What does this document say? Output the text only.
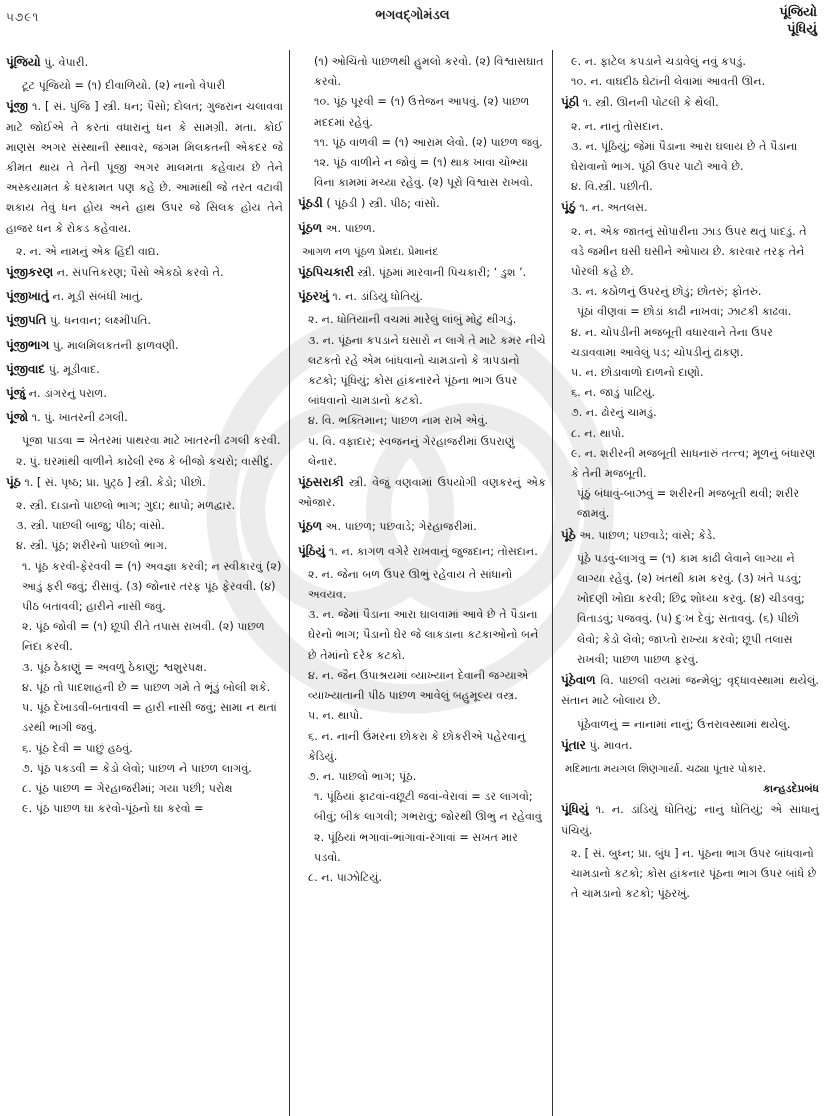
૫૭૯૧	ભગવદ્ગોમંડલ	પૂંજિયો
પૂંધિયું
પૂંજિયો પું. વેપારી.
ટૂટ પૂંજિયો = (૧) દીવાળિયો. (૨) નાનો વેપારી
પૂંજી ૧. [ સં. પુંજિ ] સ્ત્રી. ધન; પૈસો; દોલત; ગુજરાન ચલાવવા માટે જોઈએ તે કરતાં વધારાનું ધન કે સામગ્રી. મતા. કોઈ માણસ અગર સંસ્થાની સ્થાવર, જંગમ મિલકતની એકંદર જે કીમત થાય તે તેની પૂંજી અગર માલમતા કહેવાય છે તેને અસ્કયામત કે ધરકામત પણ કહે છે. આમાંથી જે તરત વટાવી શકાય તેવું ધન હોય અને હાથ ઉપર જે સિલક હોય તેને હાજર ધન કે રોકડ કહેવાય.
૨. ન. એ નામનું એક હિંદી વાદ્ય.
પૂંજીકરણ ન. સંપત્તિકરણ; પૈસો એકઠો કરવો તે.
પૂંજીખાતું ન. મૂડી સંબંધી ખાતું.
પૂંજીપતિ પું. ધનવાન; લક્ષ્મીપતિ.
પૂંજીભાગ પું. માલમિલકતની ફાળવણી.
પૂંજીવાદ પું. મૂડીવાદ.
પૂંજું ન. ડાંગરનું પરાળ.
પૂંજો ૧. પું. ખાતરની ઢગલી.
પૂંજા પાડવા = ખેતરમાં પાથરવા માટે ખાતરની ઢગલી કરવી.
૨. પું. ઘરમાંથી વાળીને કાઢેલી રજ કે બીજો કચરો; વાસીદું.
પૂંઠ ૧. [ સં. પૃષ્ઠ; પ્રા. પુટ્ઠ ] સ્ત્રી. કેડો; પીછો.
૨. સ્ત્રી. દાડાનો પાછલો ભાગ; ગુદા; થાપો; મળદ્વાર.
૩. સ્ત્રી. પાછલી બાજુ; પીઠ; વાંસો.
૪. સ્ત્રી. પૂંઠ; શરીરનો પાછલો ભાગ.
૧. પૂંઠ કરવી-ફેરવવી = (૧) અવજ્ઞા કરવી; ન સ્વીકારવું (૨) આડું ફરી જવું; રીસાવું. (૩) જોનાર તરફ પૂંઠ ફેરવવી. (૪) પીઠ બતાવવી; હારીને નાસી જવું.
૨. પૂંઠ જોવી = (૧) છૂપી રીતે તપાસ રાખવી. (૨) પાછળ નિંદા કરવી.
૩. પૂંઠ ઠેકાણું = અવળું ઠેકાણું; શ્વશુરપક્ષ.
૪. પૂંઠ તો પાદશાહની છે = પાછળ ગમે તે ભૂંડું બોલી શકે.
૫. પૂંઠ દેખાડવી-બતાવવી = હારી નાસી જવું; સામા ન થતાં ડરથી ભાગી જવું.
૬. પૂંઠ દેવી = પાછું હઠવું.
૭. પૂંઠ પકડવી = કેડો લેવો; પાછળ ને પાછળ લાગવું.
૮. પૂંઠ પાછળ = ગેરહાજરીમાં; ગયા પછી; પરોક્ષ
૯. પૂંઠ પાછળ ઘા કરવો-પૂંઠનો ઘા કરવો =
(૧) ઓચિંતો પાછળથી હુમલો કરવો. (૨) વિશ્વાસઘાત કરવો.
૧૦. પૂંઠ પૂરવી = (૧) ઉત્તેજન આપવું. (૨) પાછળ મદદમાં રહેવું.
૧૧. પૂંઠ વાળવી = (૧) આરામ લેવો. (૨) પાછળ જવું.
૧૨. પૂંઠ વાળીને ન જોવું = (૧) થાક ખાવા ચોભ્યા વિના કામમાં મચ્યા રહેવું. (૨) પૂરો વિશ્વાસ રાખવો.
પૂંઠડી ( પૂંઠડી ) સ્ત્રી. પીઠ; વાંસો.
પૂંઠળ અ. પાછળ.
આગળ નળ પૂંઠળ પ્રેમદા. પ્રેમાનંદ
પૂંઠપિચકારી સ્ત્રી. પૂંઠમાં મારવાની પિચકારી; ‘ ડુશ ’.
પૂંઠરખું ૧. ન. ડાંડિયું ધોતિયું.
૨. ન. ધોતિયાની વચમાં મારેલું લાંબું મોટું થીગડું.
૩. ન. પૂંઠના કપડાને ઘસારો ન લાગે તે માટે કમર નીચે લટકતો રહે એમ બાંધવાનો ચામડાનો કે ત્રાપડાનો કટકો; પૂંધિયું; કોસ હાંકનારને પૂંઠના ભાગ ઉપર બાંધવાનો ચામડાનો કટકો.
૪. વિ. ભક્તિમાન; પાછળ નામ રાખે એવું.
૫. વિ. વફાદાર; સ્વજનનું ગેરહાજરીમાં ઉપરાણું લેનાર.
પૂંઠસરાકી સ્ત્રી. વેજું વણવામાં ઉપયોગી વણકરનું એક ઓજાર.
પૂંઠળ અ. પાછળ; પછવાડે; ગેરહાજરીમાં.
પૂંઠિયું ૧. ન. કાગળ વગેરે રાખવાનું જુજદાન; તોસદાન.
૨. ન. જેના બળ ઉપર ઊભું રહેવાય તે સાંધાનો અવયવ.
૩. ન. જેમાં પૈડાના આરા ઘાલવામાં આવે છે તે પૈડાના ઘેરનો ભાગ; પૈડાનો ઘેર જે લાકડાના કટકાઓનો બને છે તેમાંનો દરેક કટકો.
૪. ન. જૈન ઉપાશ્રયમાં વ્યાખ્યાન દેવાની જગ્યાએ વ્યાખ્યાતાની પીઠ પાછળ આવેલું બહુમૂલ્ય વસ્ત્ર.
૫. ન. થાપો.
૬. ન. નાની ઉંમરના છોકરા કે છોકરીએ પહેરવાનું કેડિયું.
૭. ન. પાછલો ભાગ; પૂંઠ.
૧. પૂંઠિયાં ફાટવાં-વછૂટી જવાં-વેરાવાં = ડર લાગવો; બીવું; બીક લાગવી; ગભરાવું; જોરથી ઊભું ન રહેવાવું
૨. પૂંઠિયાં ભગાવાં-ભાંગાવાં-રંગાવાં = સખત માર પડવો.
૮. ન. પાઝોટિયું.
૯. ન. ફાટેલ કપડાને ચડાવેલું નવું કપડું.
૧૦. ન. વાઘદીઠ ઘેટાંની લેવામાં આવતી ઊન.
પૂંઠી ૧. સ્ત્રી. ઊનની પોટલી કે થેલી.
૨. ન. નાનું તોસદાન.
૩. ન. પૂંઠિયું; જેમાં પૈડાના આરા ઘલાય છે તે પૈડાના ઘેરાવાનો ભાગ. પૂંઠી ઉપર પાટો આવે છે.
૪. વિ.સ્ત્રી. પછીતી.
પૂંઠું ૧. ન. અતલસ.
૨. ન. એક જાતનું સોપારીના ઝાડ ઉપર થતું પાંદડું. તે વડે જમીન ઘસી ઘસીને ઓપાય છે. કારવાર તરફ તેને પોરલી કહે છે.
૩. ન. કઠોળનું ઉપરનું છોડું; છોતરું; ફોતરું.
પૂંઠાં વીણવાં = છોડાં કાઢી નાખવાં; ઝાટકી કાઢવાં.
૪. ન. ચોપડીની મજબૂતી વધારવાને તેના ઉપર ચડાવવામા આવેલું પડ; ચોપડીનું ઢાંકણ.
૫. ન. છોડાવાળો દાળનો દાણો.
૬. ન. જાડું પાટિયું.
૭. ન. ઢોરનું ચામડું.
૮. ન. થાપો.
૯. ન. શરીરની મજબૂતી સાધનારું તત્ત્વ; મૂળનું બંધારણ કે તેની મજબૂતી.
પૂંઠું બંધાવું-બાઝવું = શરીરની મજબૂતી થવી; શરીર જામવું.
પૂંઠે અ. પાછળ; પછવાડે; વાંસે; કેડે.
પૂંઠે પડવું-લાગવું = (૧) કામ કાઢી લેવાને લાગ્યા ને લાગ્યા રહેવું. (૨) ખંતથી કામ કરવું. (૩) ખંતે પડવું; ખોદણી ખોદ્યા કરવી; છિદ્ર શોધ્યા કરવું. (૪) ચીડવવું; વિતાડવું; પજવવું. (૫) દુઃખ દેવું; સતાવવું. (૬) પીછો લેવો; કેડો લેવો; જાપ્તો રાખ્યા કરવો; છૂપી તલાસ રાખવી; પાછળ પાછળ ફરવું.
પૂંઠેવાળ વિ. પાછલી વયમાં જન્મેલું; વૃદ્ધાવસ્થામાં થયેલું. સંતાન માટે બોલાય છે.
પૂંઠેવાળનું = નાનામાં નાનું; ઉત્તરાવસ્થામાં થયેલું.
પૂંતાર પું. માવત.
મદિમાતા મયગલ શિણગાર્યા. ચઢ્યા પૂંતાર પોકાર.
કાન્હડદેપ્રબંધ
પૂંધિયું ૧. ન. ડાંડિયું ધોતિયું; નાનું ધોતિયું; એ સાંધાનું પંચિયું.
૨. [ સં. બુધ્ન; પ્રા. બુંધ ] ન. પૂંઠના ભાગ ઉપર બાંધવાનો ચામડાનો કટકો; કોસ હાંકનાર પૂંઠના ભાગ ઉપર બાંધે છે તે ચામડાનો કટકો; પૂંઠરખું.
